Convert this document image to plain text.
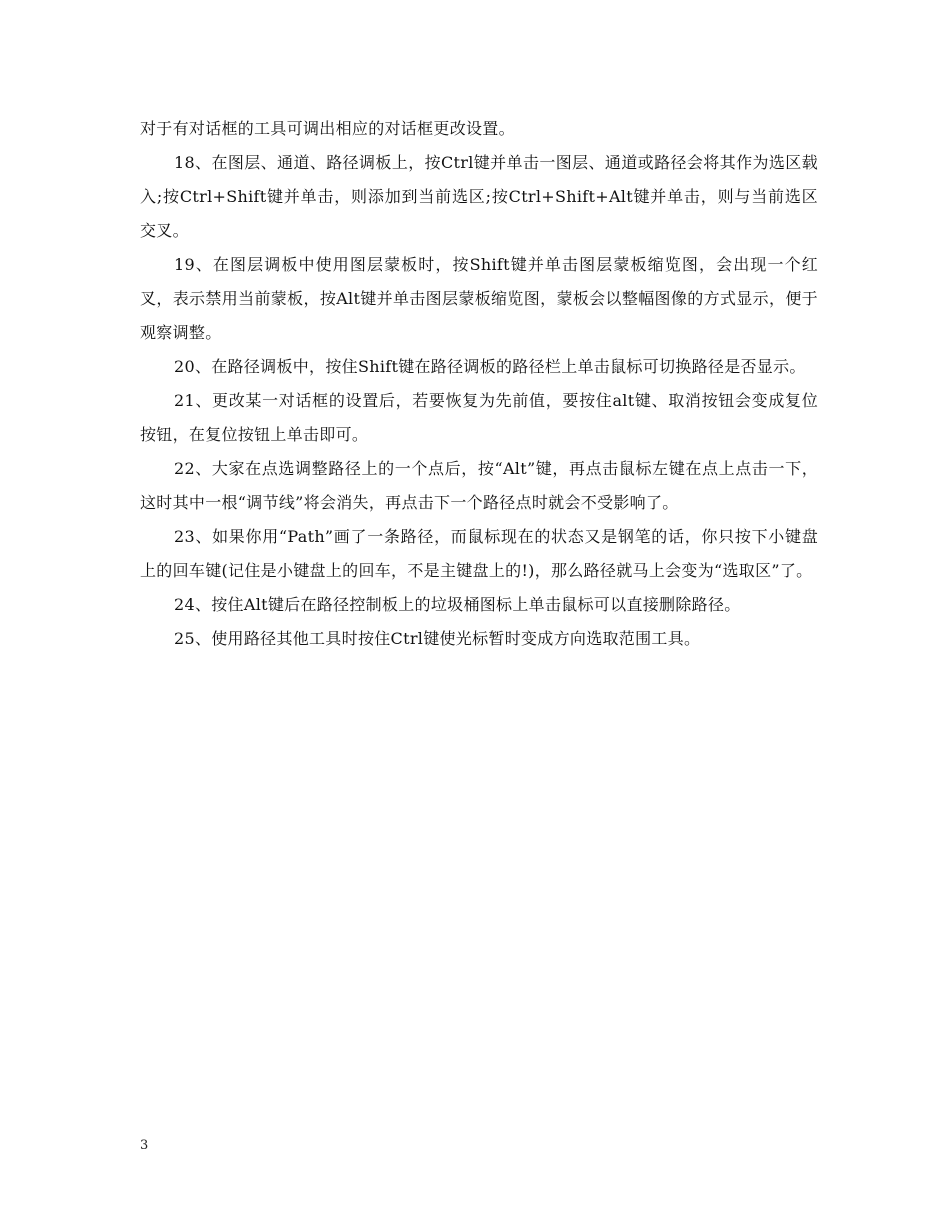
对于有对话框的工具可调出相应的对话框更改设置。

18、在图层、通道、路径调板上，按Ctrl键并单击一图层、通道或路径会将其作为选区载入;按Ctrl+Shift键并单击，则添加到当前选区;按Ctrl+Shift+Alt键并单击，则与当前选区交叉。

19、在图层调板中使用图层蒙板时，按Shift键并单击图层蒙板缩览图，会出现一个红叉，表示禁用当前蒙板，按Alt键并单击图层蒙板缩览图，蒙板会以整幅图像的方式显示，便于观察调整。

20、在路径调板中，按住Shift键在路径调板的路径栏上单击鼠标可切换路径是否显示。

21、更改某一对话框的设置后，若要恢复为先前值，要按住alt键、取消按钮会变成复位按钮，在复位按钮上单击即可。

22、大家在点选调整路径上的一个点后，按“Alt”键，再点击鼠标左键在点上点击一下，这时其中一根“调节线”将会消失，再点击下一个路径点时就会不受影响了。

23、如果你用“Path”画了一条路径，而鼠标现在的状态又是钢笔的话，你只按下小键盘上的回车键(记住是小键盘上的回车，不是主键盘上的!)，那么路径就马上会变为“选取区”了。

24、按住Alt键后在路径控制板上的垃圾桶图标上单击鼠标可以直接删除路径。

25、使用路径其他工具时按住Ctrl键使光标暂时变成方向选取范围工具。

3
